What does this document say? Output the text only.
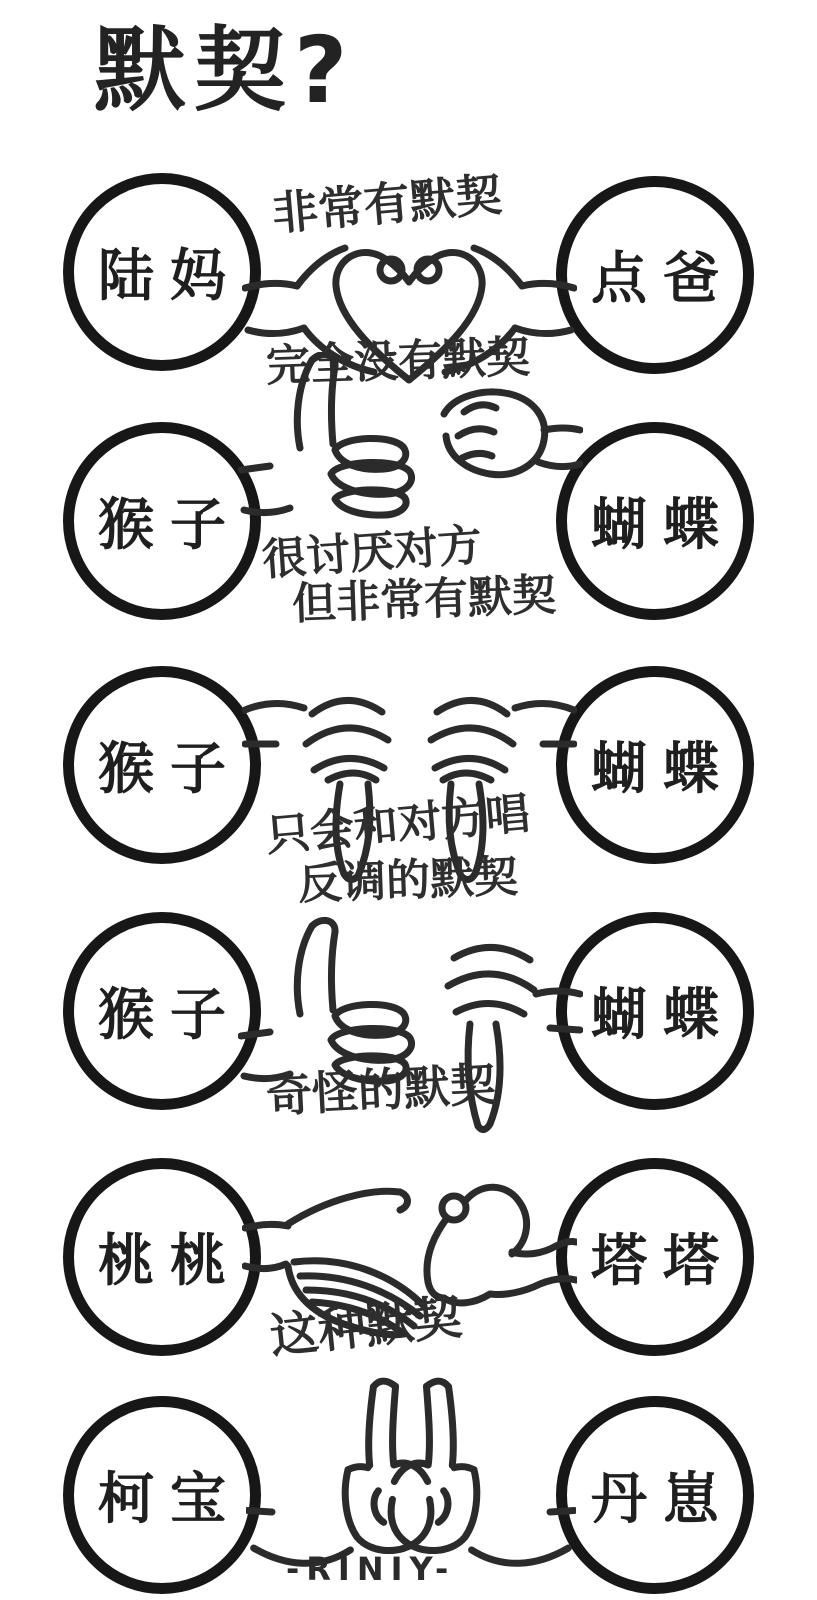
默契?
非常有默契
陆妈	点爸
完全没有默契
猴子	蝴蝶
很讨厌对方
但非常有默契
猴子	蝴蝶
只会和对方唱
反调的默契
猴子	蝴蝶
奇怪的默契
桃桃	塔塔
这种默契
柯宝	丹崽
-RINIY-
